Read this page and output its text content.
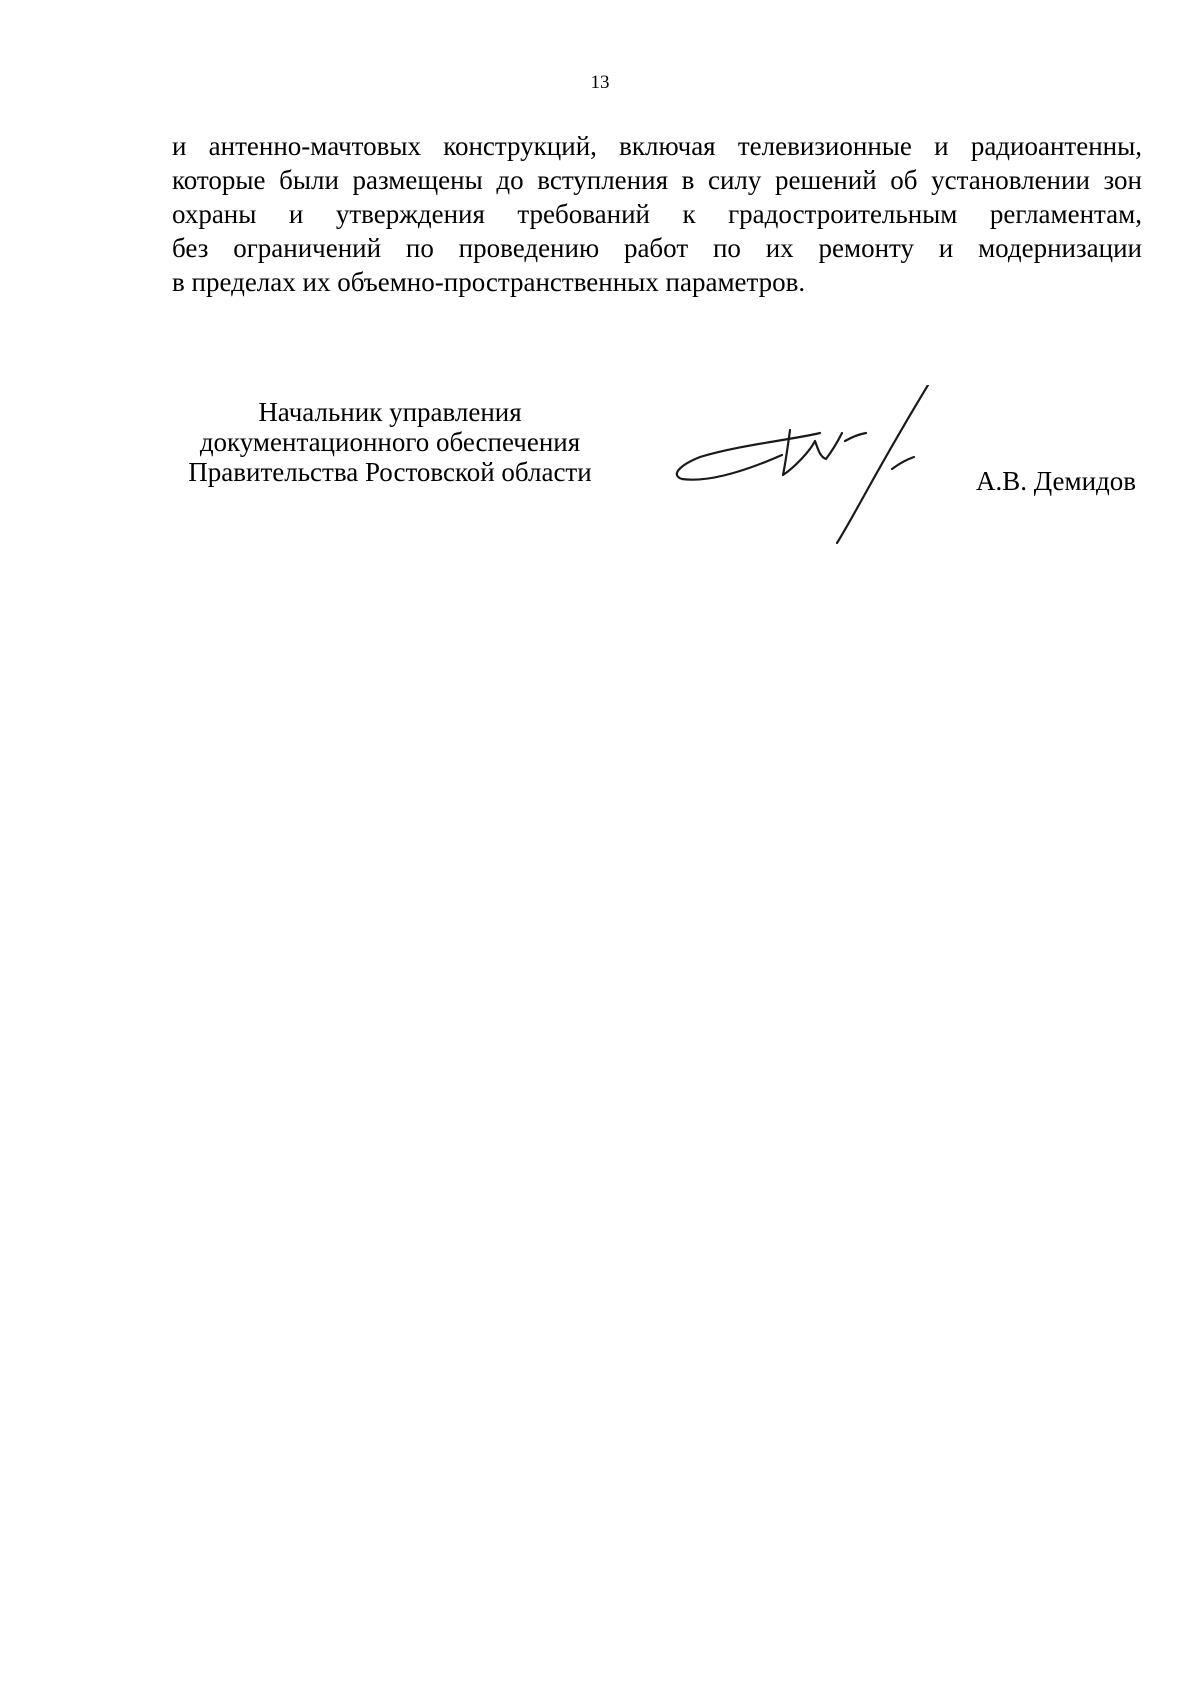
13
и антенно-мачтовых конструкций, включая телевизионные и радиоантенны,
которые были размещены до вступления в силу решений об установлении зон
охраны и утверждения требований к градостроительным регламентам,
без ограничений по проведению работ по их ремонту и модернизации
в пределах их объемно-пространственных параметров.
Начальник управления
документационного обеспечения
Правительства Ростовской области	А.В. Демидов
